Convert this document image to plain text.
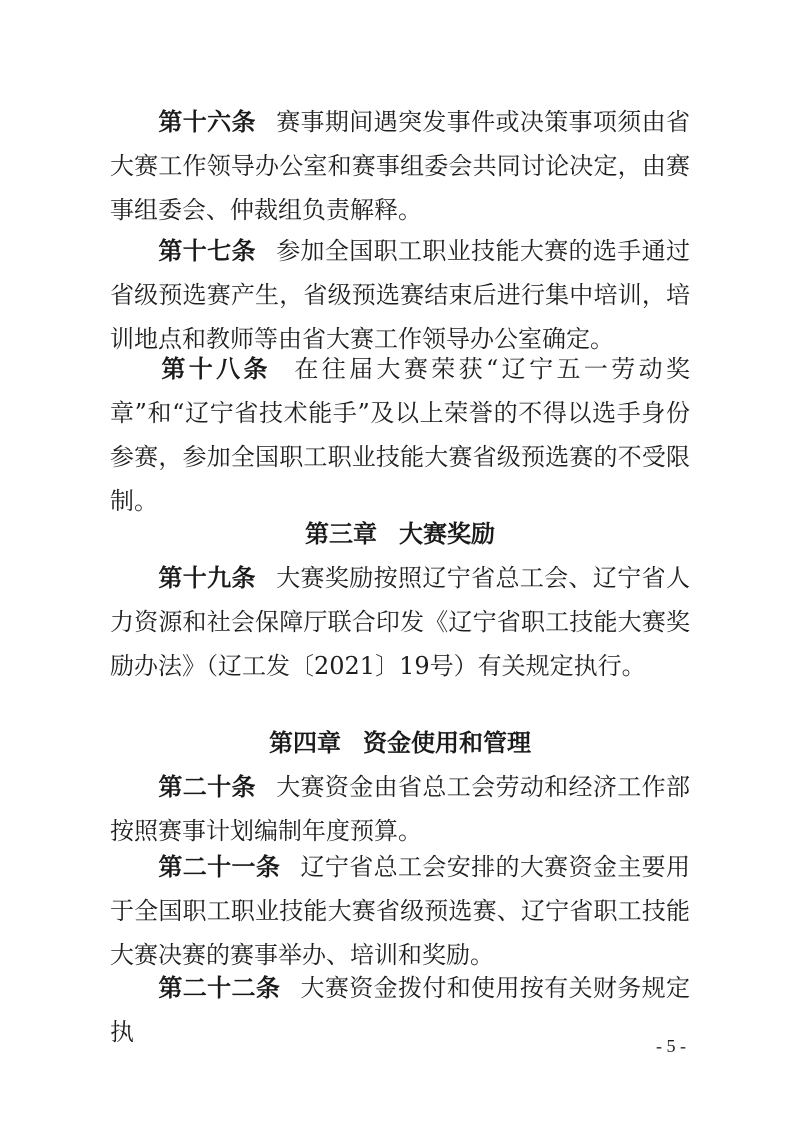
第十六条 赛事期间遇突发事件或决策事项须由省大赛工作领导办公室和赛事组委会共同讨论决定，由赛事组委会、仲裁组负责解释。

第十七条 参加全国职工职业技能大赛的选手通过省级预选赛产生，省级预选赛结束后进行集中培训，培训地点和教师等由省大赛工作领导办公室确定。

第十八条 在往届大赛荣获“辽宁五一劳动奖章”和“辽宁省技术能手”及以上荣誉的不得以选手身份参赛，参加全国职工职业技能大赛省级预选赛的不受限制。

第三章 大赛奖励

第十九条 大赛奖励按照辽宁省总工会、辽宁省人力资源和社会保障厅联合印发《辽宁省职工技能大赛奖励办法》（辽工发〔2021〕19号）有关规定执行。

第四章 资金使用和管理

第二十条 大赛资金由省总工会劳动和经济工作部按照赛事计划编制年度预算。

第二十一条 辽宁省总工会安排的大赛资金主要用于全国职工职业技能大赛省级预选赛、辽宁省职工技能大赛决赛的赛事举办、培训和奖励。

第二十二条 大赛资金拨付和使用按有关财务规定执	- 5 -
